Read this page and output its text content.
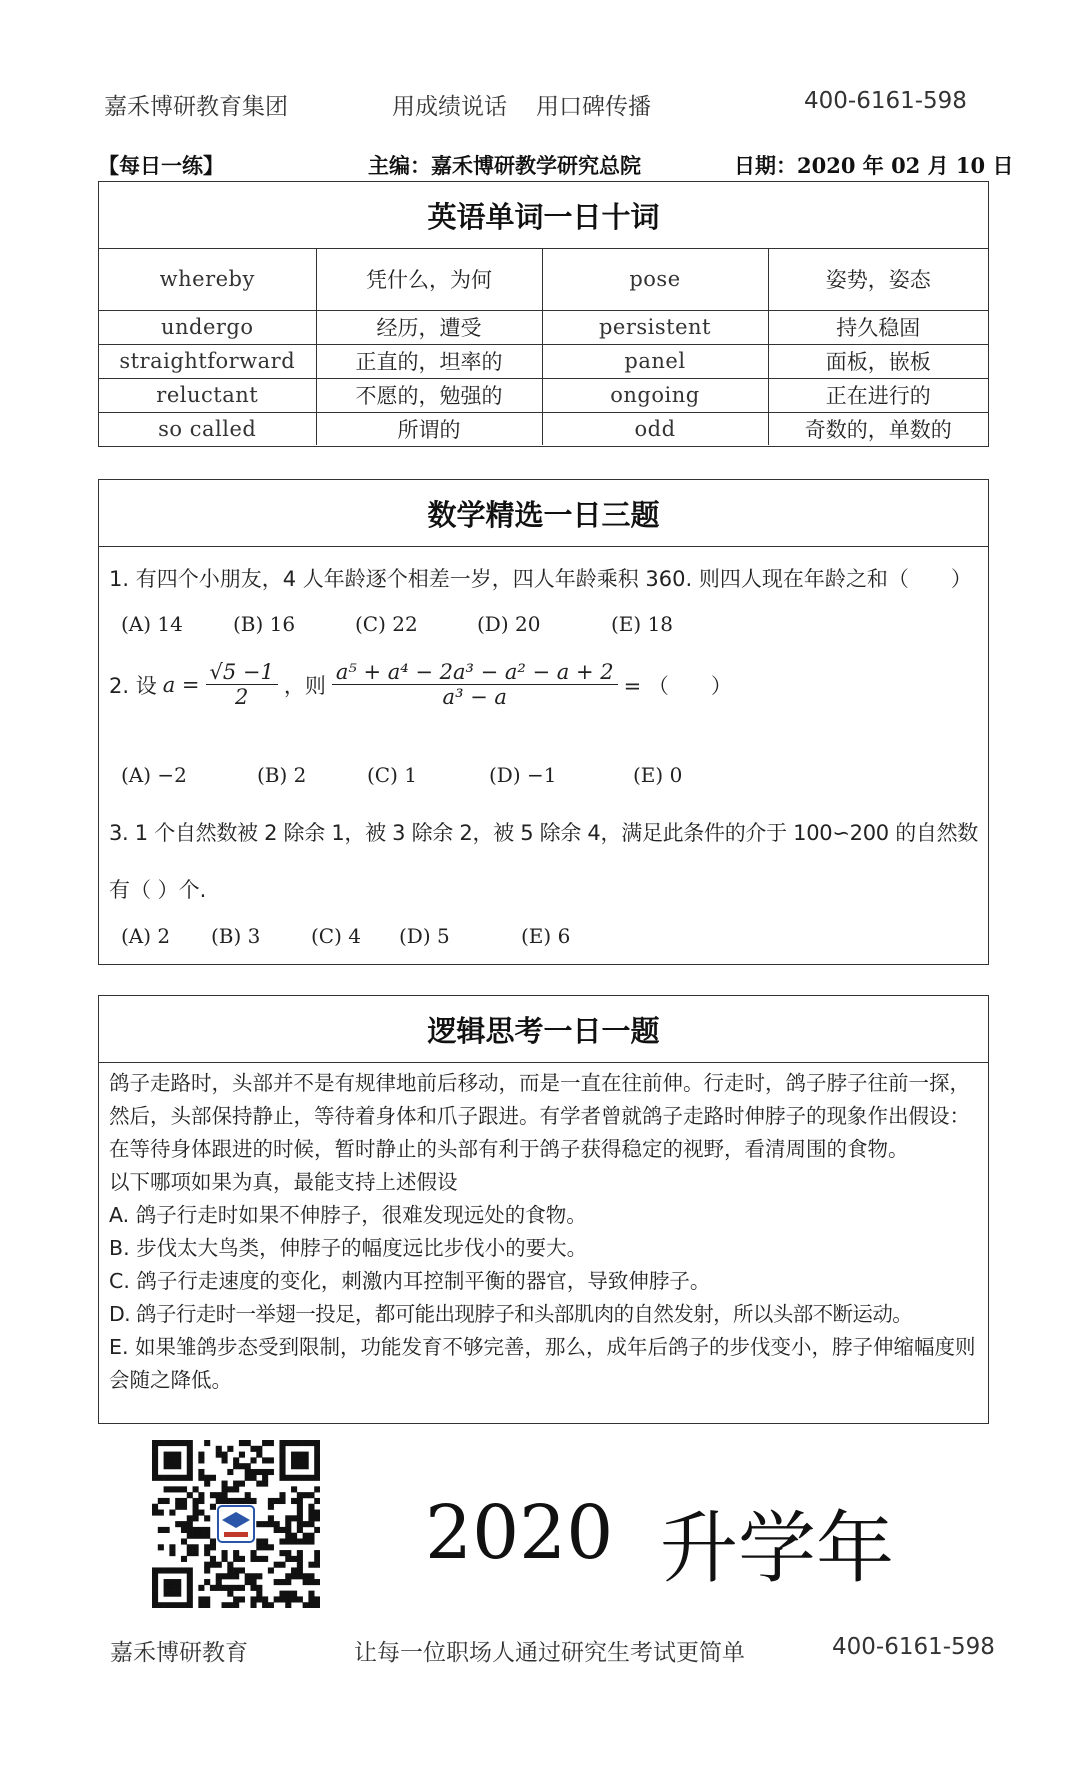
嘉禾博研教育集团	用成绩说话 用口碑传播	400-6161-598
【每日一练】	主编：嘉禾博研教学研究总院	日期：2020 年 02 月 10 日
英语单词一日十词
whereby	凭什么，为何	pose	姿势，姿态
undergo	经历，遭受	persistent	持久稳固
straightforward	正直的，坦率的	panel	面板，嵌板
reluctant	不愿的，勉强的	ongoing	正在进行的
so called	所谓的	odd	奇数的，单数的
数学精选一日三题
1. 有四个小朋友，4 人年龄逐个相差一岁，四人年龄乘积 360. 则四人现在年龄之和（　　）
(A) 14	(B) 16	(C) 22	(D) 20	(E) 18
2. 设 $a = \frac{√5 -1}{2}$ ，则 $\frac{\text{a⁵ + a⁴ − 2a³ − a² − a + 2}}{\text{a³ − a}}$ = （　　）
(A) −2	(B) 2	(C) 1	(D) −1	(E) 0
3. 1 个自然数被 2 除余 1，被 3 除余 2，被 5 除余 4，满足此条件的介于 100∽200 的自然数
有（ ）个.
(A) 2 (B) 3	(C) 4 (D) 5	(E) 6
逻辑思考一日一题
鸽子走路时，头部并不是有规律地前后移动，而是一直在往前伸。行走时，鸽子脖子往前一探，然后，头部保持静止，等待着身体和爪子跟进。有学者曾就鸽子走路时伸脖子的现象作出假设：在等待身体跟进的时候，暂时静止的头部有利于鸽子获得稳定的视野，看清周围的食物。
以下哪项如果为真，最能支持上述假设
A. 鸽子行走时如果不伸脖子，很难发现远处的食物。
B. 步伐太大鸟类，伸脖子的幅度远比步伐小的要大。
C. 鸽子行走速度的变化，刺激内耳控制平衡的器官，导致伸脖子。
D. 鸽子行走时一举翅一投足，都可能出现脖子和头部肌肉的自然发射，所以头部不断运动。
E. 如果雏鸽步态受到限制，功能发育不够完善，那么，成年后鸽子的步伐变小，脖子伸缩幅度则会随之降低。
2020 升学年
嘉禾博研教育	让每一位职场人通过研究生考试更简单	400-6161-598
